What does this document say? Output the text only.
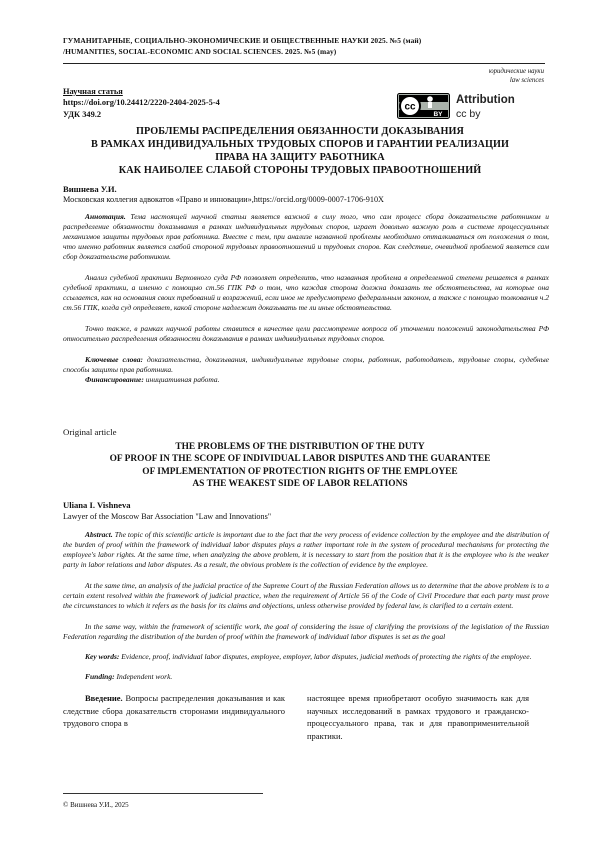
ГУМАНИТАРНЫЕ, СОЦИАЛЬНО-ЭКОНОМИЧЕСКИЕ И ОБЩЕСТВЕННЫЕ НАУКИ 2025. №5 (май)
/HUMANITIES, SOCIAL-ECONOMIC AND SOCIAL SCIENCES. 2025. №5 (may)
юридические науки
law sciences
cc
BY
Attribution
cc by
Научная статья
https://doi.org/10.24412/2220-2404-2025-5-4
УДК 349.2
ПРОБЛЕМЫ РАСПРЕДЕЛЕНИЯ ОБЯЗАННОСТИ ДОКАЗЫВАНИЯ
В РАМКАХ ИНДИВИДУАЛЬНЫХ ТРУДОВЫХ СПОРОВ И ГАРАНТИИ РЕАЛИЗАЦИИ
ПРАВА НА ЗАЩИТУ РАБОТНИКА
КАК НАИБОЛЕЕ СЛАБОЙ СТОРОНЫ ТРУДОВЫХ ПРАВООТНОШЕНИЙ
Вишнева У.И.
Московская коллегия адвокатов «Право и инновации»,https://orcid.org/0009-0007-1706-910X
Аннотация. Тема настоящей научной статьи является важной в силу того, что сам процесс сбора доказательств работником и распределение обязанности доказывания в рамках индивидуальных трудовых споров, играет довольно важную роль в системе процессуальных механизмов защиты трудовых прав работника. Вместе с тем, при анализе названной проблемы необходимо отталкиваться от положения о том, что именно работник является слабой стороной трудовых правоотношений и трудовых споров. Как следствие, очевидной проблемой является сам сбор доказательств работником.
Анализ судебной практики Верховного суда РФ позволяет определить, что названная проблема в определенной степени решается в рамках судебной практики, а именно с помощью ст.56 ГПК РФ о том, что каждая сторона должна доказать те обстоятельства, на которые она ссылается, как на основания своих требований и возражений, если иное не предусмотрено федеральным законом, а также с помощью толкования ч.2 ст.56 ГПК, когда суд определяет, какой стороне надлежит доказывать те ли иные обстоятельства.
Точно также, в рамках научной работы ставится в качестве цели рассмотрение вопроса об уточнении положений законодательства РФ относительно распределения обязанности доказывания в рамках индивидуальных трудовых споров.
Ключевые слова: доказательства, доказывания, индивидуальные трудовые споры, работник, работодатель, трудовые споры, судебные способы защиты прав работника.
Финансирование: инициативная работа.
Original article
THE PROBLEMS OF THE DISTRIBUTION OF THE DUTY
OF PROOF IN THE SCOPE OF INDIVIDUAL LABOR DISPUTES AND THE GUARANTEE
OF IMPLEMENTATION OF PROTECTION RIGHTS OF THE EMPLOYEE
AS THE WEAKEST SIDE OF LABOR RELATIONS
Uliana I. Vishneva
Lawyer of the Moscow Bar Association "Law and Innovations"
Abstract. The topic of this scientific article is important due to the fact that the very process of evidence collection by the employee and the distribution of the burden of proof within the framework of individual labor disputes plays a rather important role in the system of procedural mechanisms for protecting the employee's labor rights. At the same time, when analyzing the above problem, it is necessary to start from the position that it is the employee who is the weaker party in labor relations and labor disputes. As a result, the obvious problem is the collection of evidence by the employee.
At the same time, an analysis of the judicial practice of the Supreme Court of the Russian Federation allows us to determine that the above problem is to a certain extent resolved within the framework of judicial practice, when the requirement of Article 56 of the Code of Civil Procedure that each party must prove the circumstances to which it refers as the basis for its claims and objections, unless otherwise provided by federal law, is clarified to a certain extent.
In the same way, within the framework of scientific work, the goal of considering the issue of clarifying the provisions of the legislation of the Russian Federation regarding the distribution of the burden of proof within the framework of individual labor disputes is set as the goal
Key words: Evidence, proof, individual labor disputes, employee, employer, labor disputes, judicial methods of protecting the rights of the employee.
Funding: Independent work.
Введение. Вопросы распределения доказывания и как следствие сбора доказательств сторонами индивидуального трудового спора в
настоящее время приобретают особую значимость как для научных исследований в рамках трудового и гражданско-процессуального права, так и для правоприменительной практики.
© Вишнева У.И., 2025
